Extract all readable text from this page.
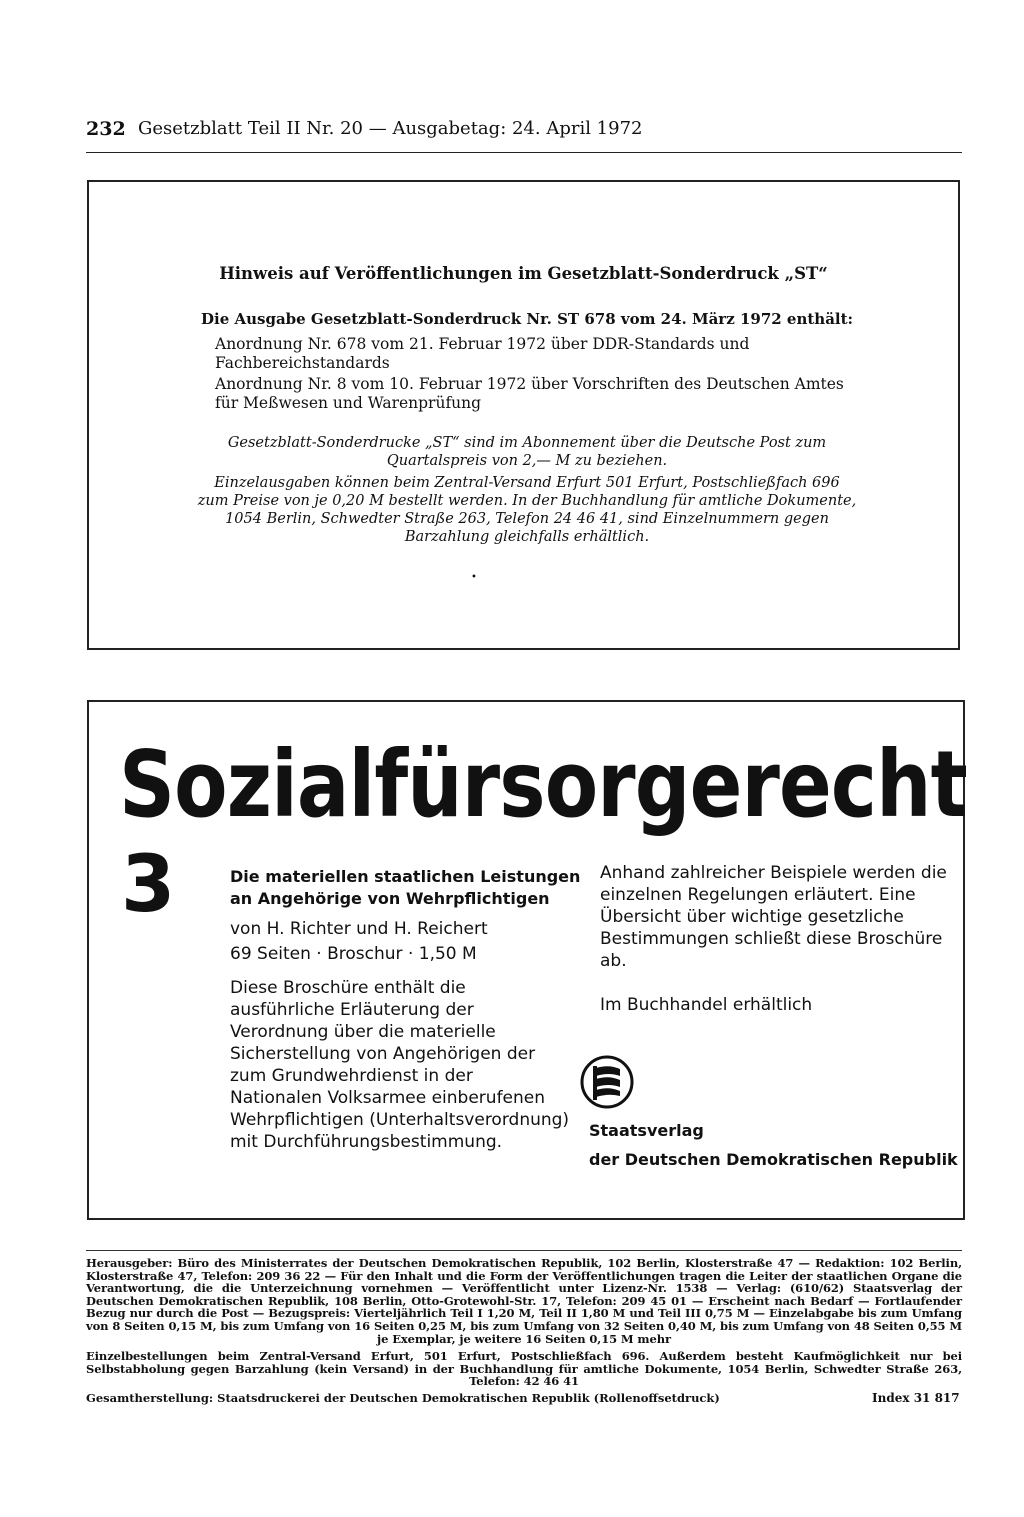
232 Gesetzblatt Teil II Nr. 20 — Ausgabetag: 24. April 1972
Hinweis auf Veröffentlichungen im Gesetzblatt-Sonderdruck „ST“
Die Ausgabe Gesetzblatt-Sonderdruck Nr. ST 678 vom 24. März 1972 enthält:
Anordnung Nr. 678 vom 21. Februar 1972 über DDR-Standards und Fachbereichstandards
Anordnung Nr. 8 vom 10. Februar 1972 über Vorschriften des Deutschen Amtes für Meßwesen und Warenprüfung
Gesetzblatt-Sonderdrucke „ST“ sind im Abonnement über die Deutsche Post zum Quartalspreis von 2,— M zu beziehen.
Einzelausgaben können beim Zentral-Versand Erfurt 501 Erfurt, Postschließfach 696 zum Preise von je 0,20 M bestellt werden. In der Buchhandlung für amtliche Dokumente, 1054 Berlin, Schwedter Straße 263, Telefon 24 46 41, sind Einzelnummern gegen Barzahlung gleichfalls erhältlich.
•
Sozialfürsorgerecht
3	Die materiellen staatlichen Leistungen
an Angehörige von Wehrpflichtigen
von H. Richter und H. Reichert
69 Seiten · Broschur · 1,50 M
Diese Broschüre enthält die ausführliche Erläuterung der Verordnung über die materielle Sicherstellung von Angehörigen der zum Grundwehrdienst in der Nationalen Volksarmee einberufenen Wehrpflichtigen (Unterhaltsverordnung) mit Durchführungsbestimmung.
Anhand zahlreicher Beispiele werden die einzelnen Regelungen erläutert. Eine Übersicht über wichtige gesetzliche Bestimmungen schließt diese Broschüre ab.
Im Buchhandel erhältlich
Staatsverlag
der Deutschen Demokratischen Republik
Herausgeber: Büro des Ministerrates der Deutschen Demokratischen Republik, 102 Berlin, Klosterstraße 47 — Redaktion: 102 Berlin, Klosterstraße 47, Telefon: 209 36 22 — Für den Inhalt und die Form der Veröffentlichungen tragen die Leiter der staatlichen Organe die Verantwortung, die die Unterzeichnung vornehmen — Veröffentlicht unter Lizenz-Nr. 1538 — Verlag: (610/62) Staatsverlag der Deutschen Demokratischen Republik, 108 Berlin, Otto-Grotewohl-Str. 17, Telefon: 209 45 01 — Erscheint nach Bedarf — Fortlaufender Bezug nur durch die Post — Bezugspreis: Vierteljährlich Teil I 1,20 M, Teil II 1,80 M und Teil III 0,75 M — Einzelabgabe bis zum Umfang von 8 Seiten 0,15 M, bis zum Umfang von 16 Seiten 0,25 M, bis zum Umfang von 32 Seiten 0,40 M, bis zum Umfang von 48 Seiten 0,55 M je Exemplar, je weitere 16 Seiten 0,15 M mehr
Einzelbestellungen beim Zentral-Versand Erfurt, 501 Erfurt, Postschließfach 696. Außerdem besteht Kaufmöglichkeit nur bei Selbstabholung gegen Barzahlung (kein Versand) in der Buchhandlung für amtliche Dokumente, 1054 Berlin, Schwedter Straße 263, Telefon: 42 46 41
Gesamtherstellung: Staatsdruckerei der Deutschen Demokratischen Republik (Rollenoffsetdruck)	Index 31 817
